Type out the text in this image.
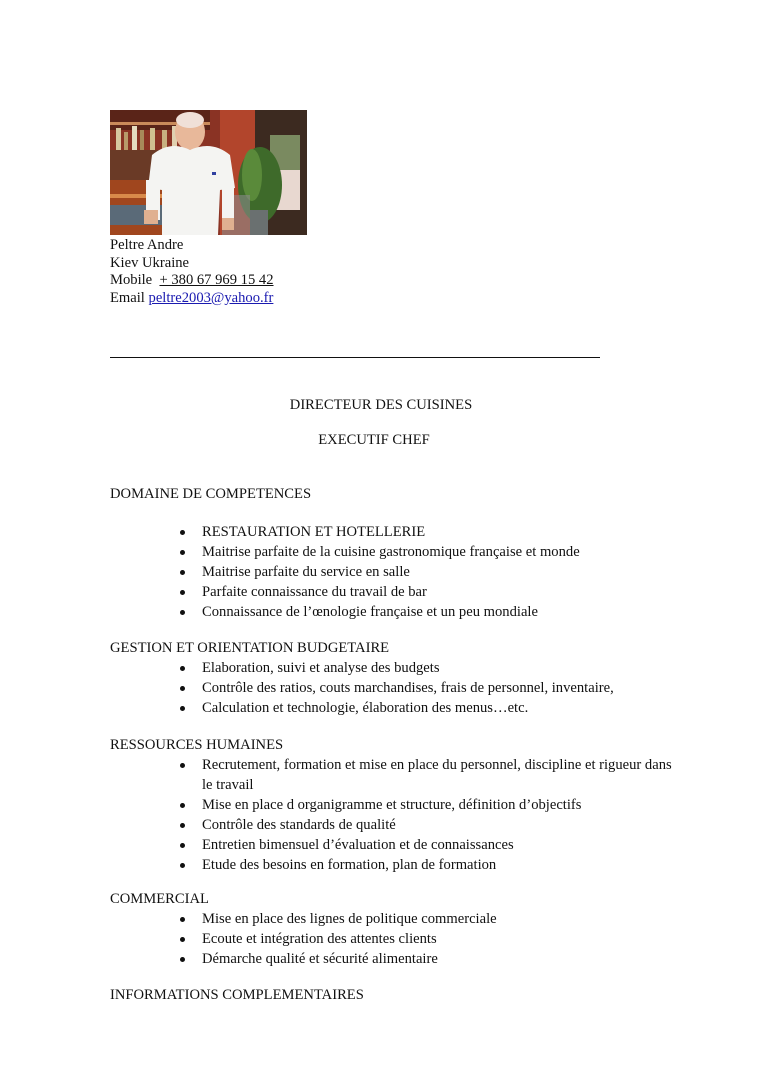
Peltre Andre
Kiev Ukraine
Mobile + 380 67 969 15 42
Email peltre2003@yahoo.fr
DIRECTEUR DES CUISINES
EXECUTIF CHEF
DOMAINE DE COMPETENCES
RESTAURATION ET HOTELLERIE
Maitrise parfaite de la cuisine gastronomique française et monde
Maitrise parfaite du service en salle
Parfaite connaissance du travail de bar
Connaissance de l’œnologie française et un peu mondiale
GESTION ET ORIENTATION BUDGETAIRE
Elaboration, suivi et analyse des budgets
Contrôle des ratios, couts marchandises, frais de personnel, inventaire,
Calculation et technologie, élaboration des menus…etc.
RESSOURCES HUMAINES
Recrutement, formation et mise en place du personnel, discipline et rigueur dans le travail
Mise en place d organigramme et structure, définition d’objectifs
Contrôle des standards de qualité
Entretien bimensuel d’évaluation et de connaissances
Etude des besoins en formation, plan de formation
COMMERCIAL
Mise en place des lignes de politique commerciale
Ecoute et intégration des attentes clients
Démarche qualité et sécurité alimentaire
INFORMATIONS COMPLEMENTAIRES
